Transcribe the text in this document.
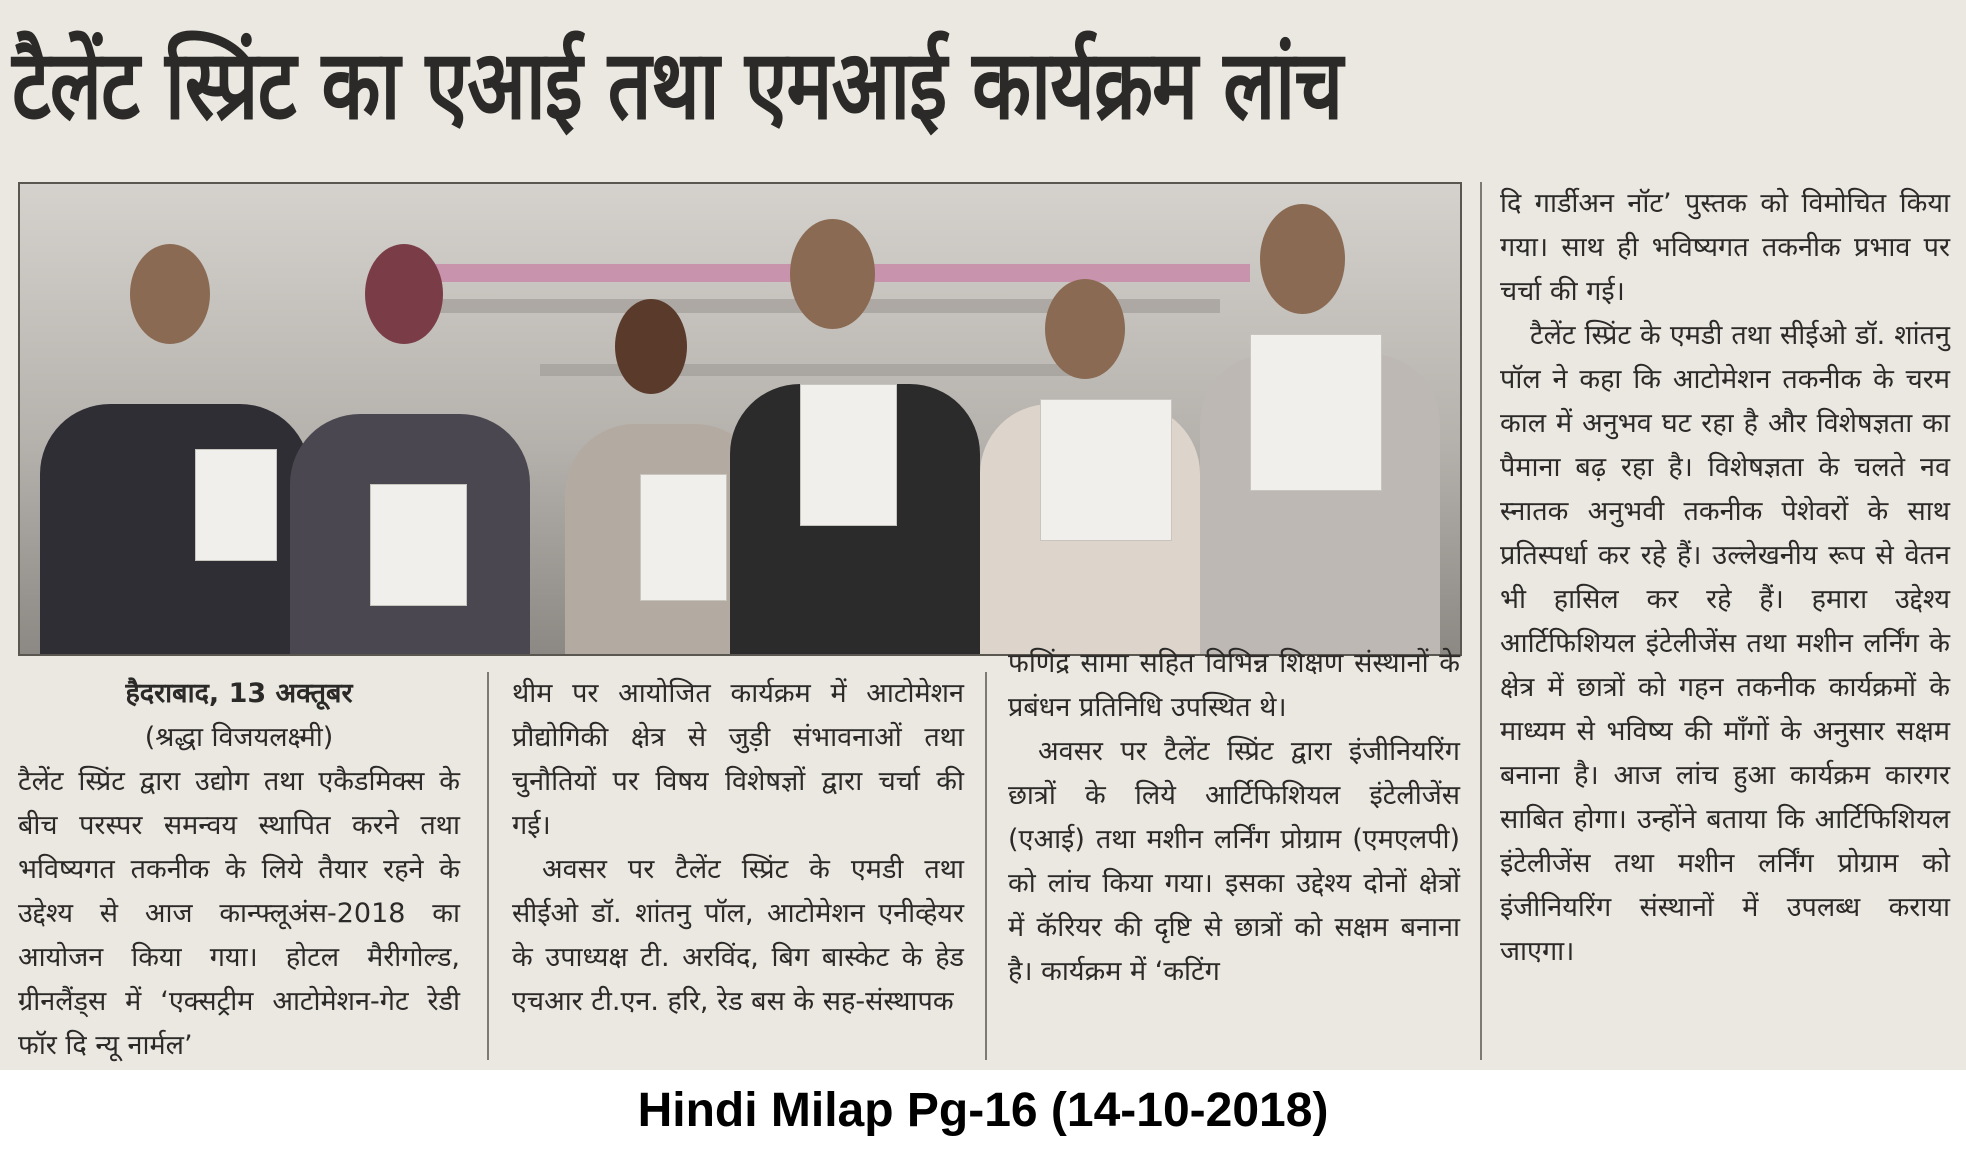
टैलेंट स्प्रिंट का एआई तथा एमआई कार्यक्रम लांच

हैदराबाद, 13 अक्तूबर

(श्रद्धा विजयलक्ष्मी)

टैलेंट स्प्रिंट द्वारा उद्योग तथा एकैडमिक्स के बीच परस्पर समन्वय स्थापित करने तथा भविष्यगत तकनीक के लिये तैयार रहने के उद्देश्य से आज कान्फ्लूअंस-2018 का आयोजन किया गया। होटल मैरीगोल्ड, ग्रीनलैंड्स में ‘एक्सट्रीम आटोमेशन-गेट रेडी फॉर दि न्यू नार्मल’

थीम पर आयोजित कार्यक्रम में आटोमेशन प्रौद्योगिकी क्षेत्र से जुड़ी संभावनाओं तथा चुनौतियों पर विषय विशेषज्ञों द्वारा चर्चा की गई।

अवसर पर टैलेंट स्प्रिंट के एमडी तथा सीईओ डॉ. शांतनु पॉल, आटोमेशन एनीव्हेयर के उपाध्यक्ष टी. अरविंद, बिग बास्केट के हेड एचआर टी.एन. हरि, रेड बस के सह-संस्थापक

फणिंद्र सामा सहित विभिन्न शिक्षण संस्थानों के प्रबंधन प्रतिनिधि उपस्थित थे।

अवसर पर टैलेंट स्प्रिंट द्वारा इंजीनियरिंग छात्रों के लिये आर्टिफिशियल इंटेलीजेंस (एआई) तथा मशीन लर्निंग प्रोग्राम (एमएलपी) को लांच किया गया। इसका उद्देश्य दोनों क्षेत्रों में कॅरियर की दृष्टि से छात्रों को सक्षम बनाना है। कार्यक्रम में ‘कटिंग

दि गार्डीअन नॉट’ पुस्तक को विमोचित किया गया। साथ ही भविष्यगत तकनीक प्रभाव पर चर्चा की गई।

टैलेंट स्प्रिंट के एमडी तथा सीईओ डॉ. शांतनु पॉल ने कहा कि आटोमेशन तकनीक के चरम काल में अनुभव घट रहा है और विशेषज्ञता का पैमाना बढ़ रहा है। विशेषज्ञता के चलते नव स्नातक अनुभवी तकनीक पेशेवरों के साथ प्रतिस्पर्धा कर रहे हैं। उल्लेखनीय रूप से वेतन भी हासिल कर रहे हैं। हमारा उद्देश्य आर्टिफिशियल इंटेलीजेंस तथा मशीन लर्निंग के क्षेत्र में छात्रों को गहन तकनीक कार्यक्रमों के माध्यम से भविष्य की माँगों के अनुसार सक्षम बनाना है। आज लांच हुआ कार्यक्रम कारगर साबित होगा। उन्होंने बताया कि आर्टिफिशियल इंटेलीजेंस तथा मशीन लर्निंग प्रोग्राम को इंजीनियरिंग संस्थानों में उपलब्ध कराया जाएगा।

Hindi Milap Pg-16 (14-10-2018)
